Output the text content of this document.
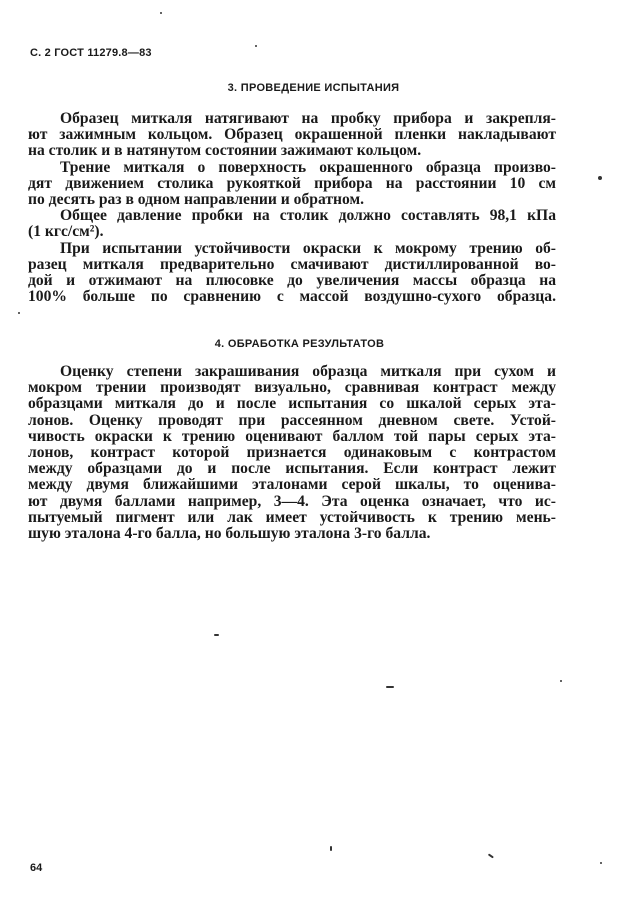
С. 2 ГОСТ 11279.8—83
3. ПРОВЕДЕНИЕ ИСПЫТАНИЯ
Образец миткаля натягивают на пробку прибора и закрепля-
ют зажимным кольцом. Образец окрашенной пленки накладывают
на столик и в натянутом состоянии зажимают кольцом.
Трение миткаля о поверхность окрашенного образца произво-
дят движением столика рукояткой прибора на расстоянии 10 см
по десять раз в одном направлении и обратном.
Общее давление пробки на столик должно составлять 98,1 кПа
(1 кгс/см²).
При испытании устойчивости окраски к мокрому трению об-
разец миткаля предварительно смачивают дистиллированной во-
дой и отжимают на плюсовке до увеличения массы образца на
100% больше по сравнению с массой воздушно-сухого образца.
4. ОБРАБОТКА РЕЗУЛЬТАТОВ
Оценку степени закрашивания образца миткаля при сухом и
мокром трении производят визуально, сравнивая контраст между
образцами миткаля до и после испытания со шкалой серых эта-
лонов. Оценку проводят при рассеянном дневном свете. Устой-
чивость окраски к трению оценивают баллом той пары серых эта-
лонов, контраст которой признается одинаковым с контрастом
между образцами до и после испытания. Если контраст лежит
между двумя ближайшими эталонами серой шкалы, то оценива-
ют двумя баллами например, 3—4. Эта оценка означает, что ис-
пытуемый пигмент или лак имеет устойчивость к трению мень-
шую эталона 4-го балла, но большую эталона 3-го балла.
64
